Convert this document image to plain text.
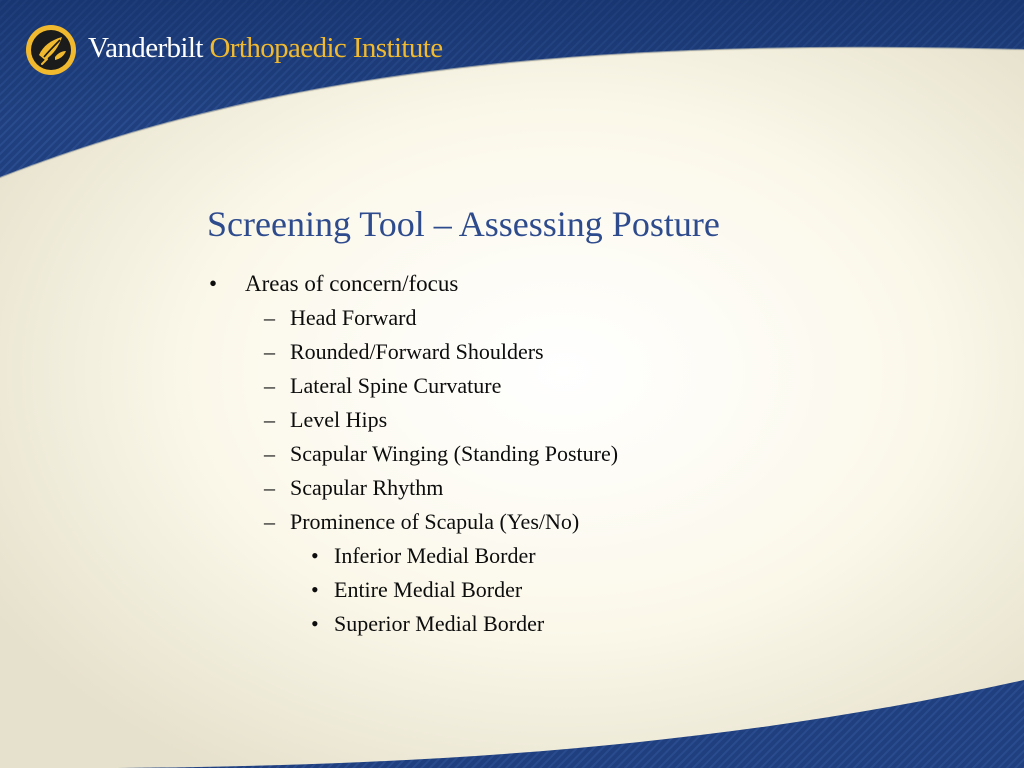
Vanderbilt Orthopaedic Institute
Screening Tool – Assessing Posture
• Areas of concern/focus
– Head Forward
– Rounded/Forward Shoulders
– Lateral Spine Curvature
– Level Hips
– Scapular Winging (Standing Posture)
– Scapular Rhythm
– Prominence of Scapula (Yes/No)
• Inferior Medial Border
• Entire Medial Border
• Superior Medial Border
